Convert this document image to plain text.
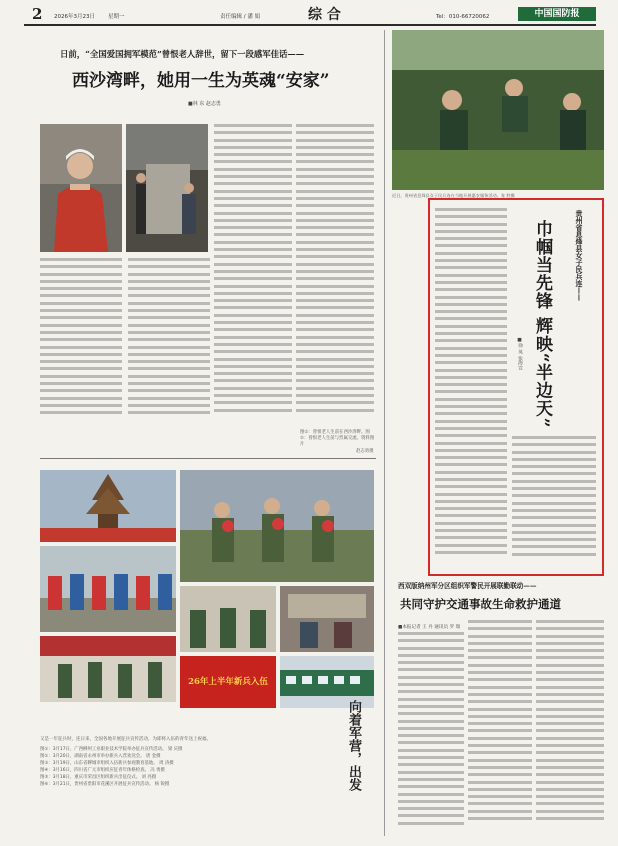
2 2026年3月23日 星期一	责任编辑 / 潘 娟	综 合	Tel：010-66720062	中国国防报
日前，“全国爱国拥军模范”曾恨老人辞世，留下一段感军佳话——
西沙湾畔，她用一生为英魂“安家”
■林 东 赵志勇
图①：曾恨老人生前在西沙湾畔。图②：曾恨老人生前与烈属交流。资料图片
赵志勇摄
近日，贵州省息烽县女子民兵连在当地开展惠农服务活动。张 胜摄
贵州省息烽县女子民兵连——
巾帼当先锋 辉映“半边天”
■徐 英 张海宣
26年上半年新兵入伍
向着军营，出发
又是一年征兵时，连日来，全国各地开展征兵宣传活动，为即将入伍的青年送上祝福。
图①：3月17日，广西柳州工业职业技术学院举办征兵宣传活动。 梁 庆摄
图②：3月20日，湖南省永州市举办新兵入营欢送会。 唐 金摄
图③：3月19日，山东省聊城市组织入伍新兵参观教育基地。 周 涛摄
图④：3月16日，四川省广元市组织应征青年体格检查。 冯 勇摄
图⑤：3月18日，重庆市荣昌区组织新兵出征仪式。 刘 亮摄
图⑥：3月21日，贵州省贵阳市花溪区开展征兵宣传活动。 杨 锐摄
西双版纳州军分区组织军警民开展联勤联动——
共同守护交通事故生命救护通道
■本报记者 王 丹 通讯员 罗 瑞
